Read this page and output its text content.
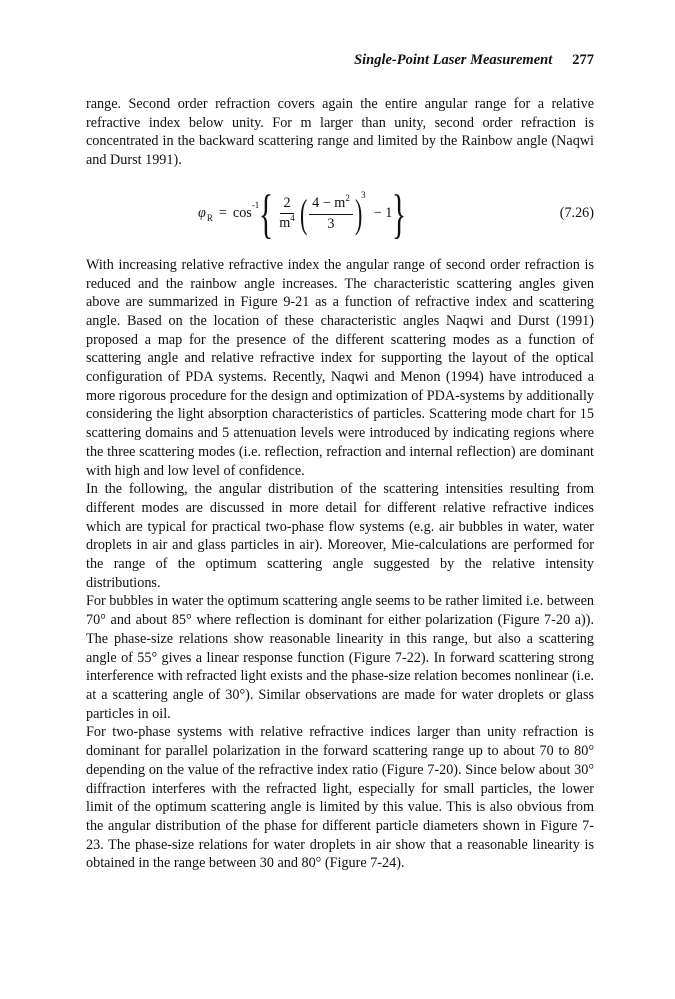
Single-Point Laser Measurement 277

range. Second order refraction covers again the entire angular range for a relative refractive index below unity. For m larger than unity, second order refraction is concentrated in the backward scattering range and limited by the Rainbow angle (Naqwi and Durst 1991).

φ R = cos -1 { $\frac{2}{m^4}$ ( $\frac{4 - m^2}{3}$ )
3
− 1 }	(7.26)

With increasing relative refractive index the angular range of second order refraction is reduced and the rainbow angle increases. The characteristic scattering angles given above are summarized in Figure 9-21 as a function of refractive index and scattering angle. Based on the location of these characteristic angles Naqwi and Durst (1991) proposed a map for the presence of the different scattering modes as a function of scattering angle and relative refractive index for supporting the layout of the optical configuration of PDA systems. Recently, Naqwi and Menon (1994) have introduced a more rigorous procedure for the design and optimization of PDA-systems by additionally considering the light absorption characteristics of particles. Scattering mode chart for 15 scattering domains and 5 attenuation levels were introduced by indicating regions where the three scattering modes (i.e. reflection, refraction and internal reflection) are dominant with high and low level of confidence.

In the following, the angular distribution of the scattering intensities resulting from different modes are discussed in more detail for different relative refractive indices which are typical for practical two-phase flow systems (e.g. air bubbles in water, water droplets in air and glass particles in air). Moreover, Mie-calculations are performed for the range of the optimum scattering angle suggested by the relative intensity distributions.

For bubbles in water the optimum scattering angle seems to be rather limited i.e. between 70° and about 85° where reflection is dominant for either polarization (Figure 7-20 a)). The phase-size relations show reasonable linearity in this range, but also a scattering angle of 55° gives a linear response function (Figure 7-22). In forward scattering strong interference with refracted light exists and the phase-size relation becomes nonlinear (i.e. at a scattering angle of 30°). Similar observations are made for water droplets or glass particles in oil.

For two-phase systems with relative refractive indices larger than unity refraction is dominant for parallel polarization in the forward scattering range up to about 70 to 80° depending on the value of the refractive index ratio (Figure 7-20). Since below about 30° diffraction interferes with the refracted light, especially for small particles, the lower limit of the optimum scattering angle is limited by this value. This is also obvious from the angular distribution of the phase for different particle diameters shown in Figure 7-23. The phase-size relations for water droplets in air show that a reasonable linearity is obtained in the range between 30 and 80° (Figure 7-24).
